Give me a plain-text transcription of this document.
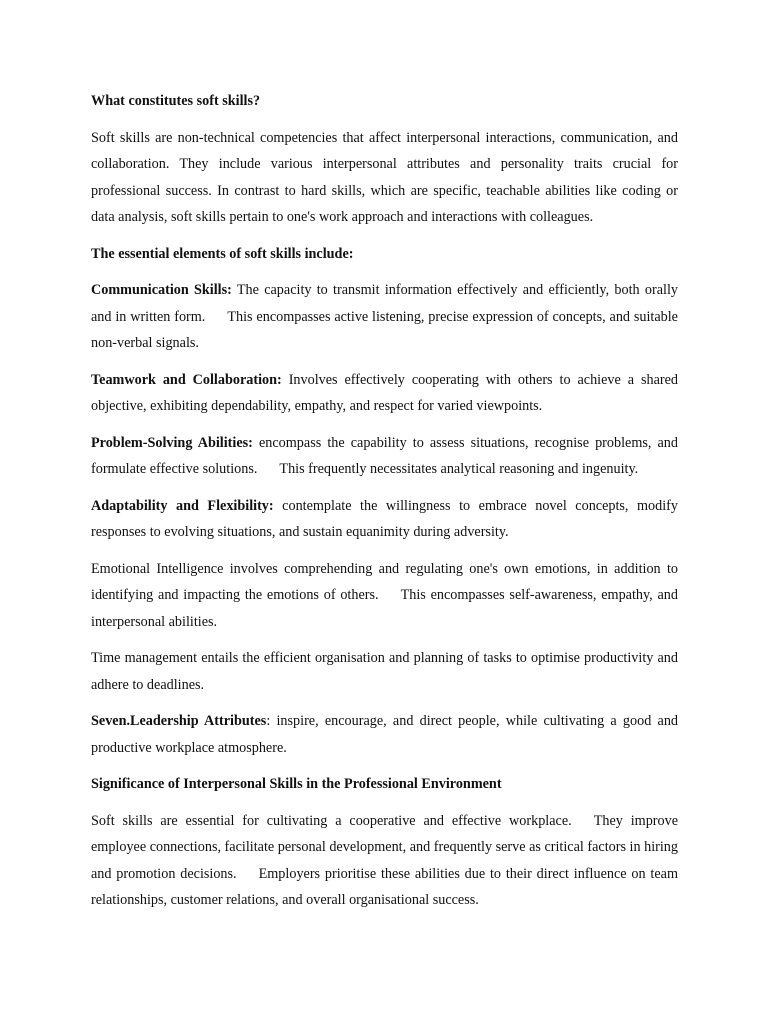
What constitutes soft skills?

Soft skills are non-technical competencies that affect interpersonal interactions, communication, and collaboration. They include various interpersonal attributes and personality traits crucial for professional success. In contrast to hard skills, which are specific, teachable abilities like coding or data analysis, soft skills pertain to one's work approach and interactions with colleagues.

The essential elements of soft skills include:

Communication Skills: The capacity to transmit information effectively and efficiently, both orally and in written form. This encompasses active listening, precise expression of concepts, and suitable non-verbal signals.

Teamwork and Collaboration: Involves effectively cooperating with others to achieve a shared objective, exhibiting dependability, empathy, and respect for varied viewpoints.

Problem-Solving Abilities: encompass the capability to assess situations, recognise problems, and formulate effective solutions. This frequently necessitates analytical reasoning and ingenuity.

Adaptability and Flexibility: contemplate the willingness to embrace novel concepts, modify responses to evolving situations, and sustain equanimity during adversity.

Emotional Intelligence involves comprehending and regulating one's own emotions, in addition to identifying and impacting the emotions of others. This encompasses self-awareness, empathy, and interpersonal abilities.

Time management entails the efficient organisation and planning of tasks to optimise productivity and adhere to deadlines.

Seven.Leadership Attributes: inspire, encourage, and direct people, while cultivating a good and productive workplace atmosphere.

Significance of Interpersonal Skills in the Professional Environment

Soft skills are essential for cultivating a cooperative and effective workplace. They improve employee connections, facilitate personal development, and frequently serve as critical factors in hiring and promotion decisions. Employers prioritise these abilities due to their direct influence on team relationships, customer relations, and overall organisational success.
